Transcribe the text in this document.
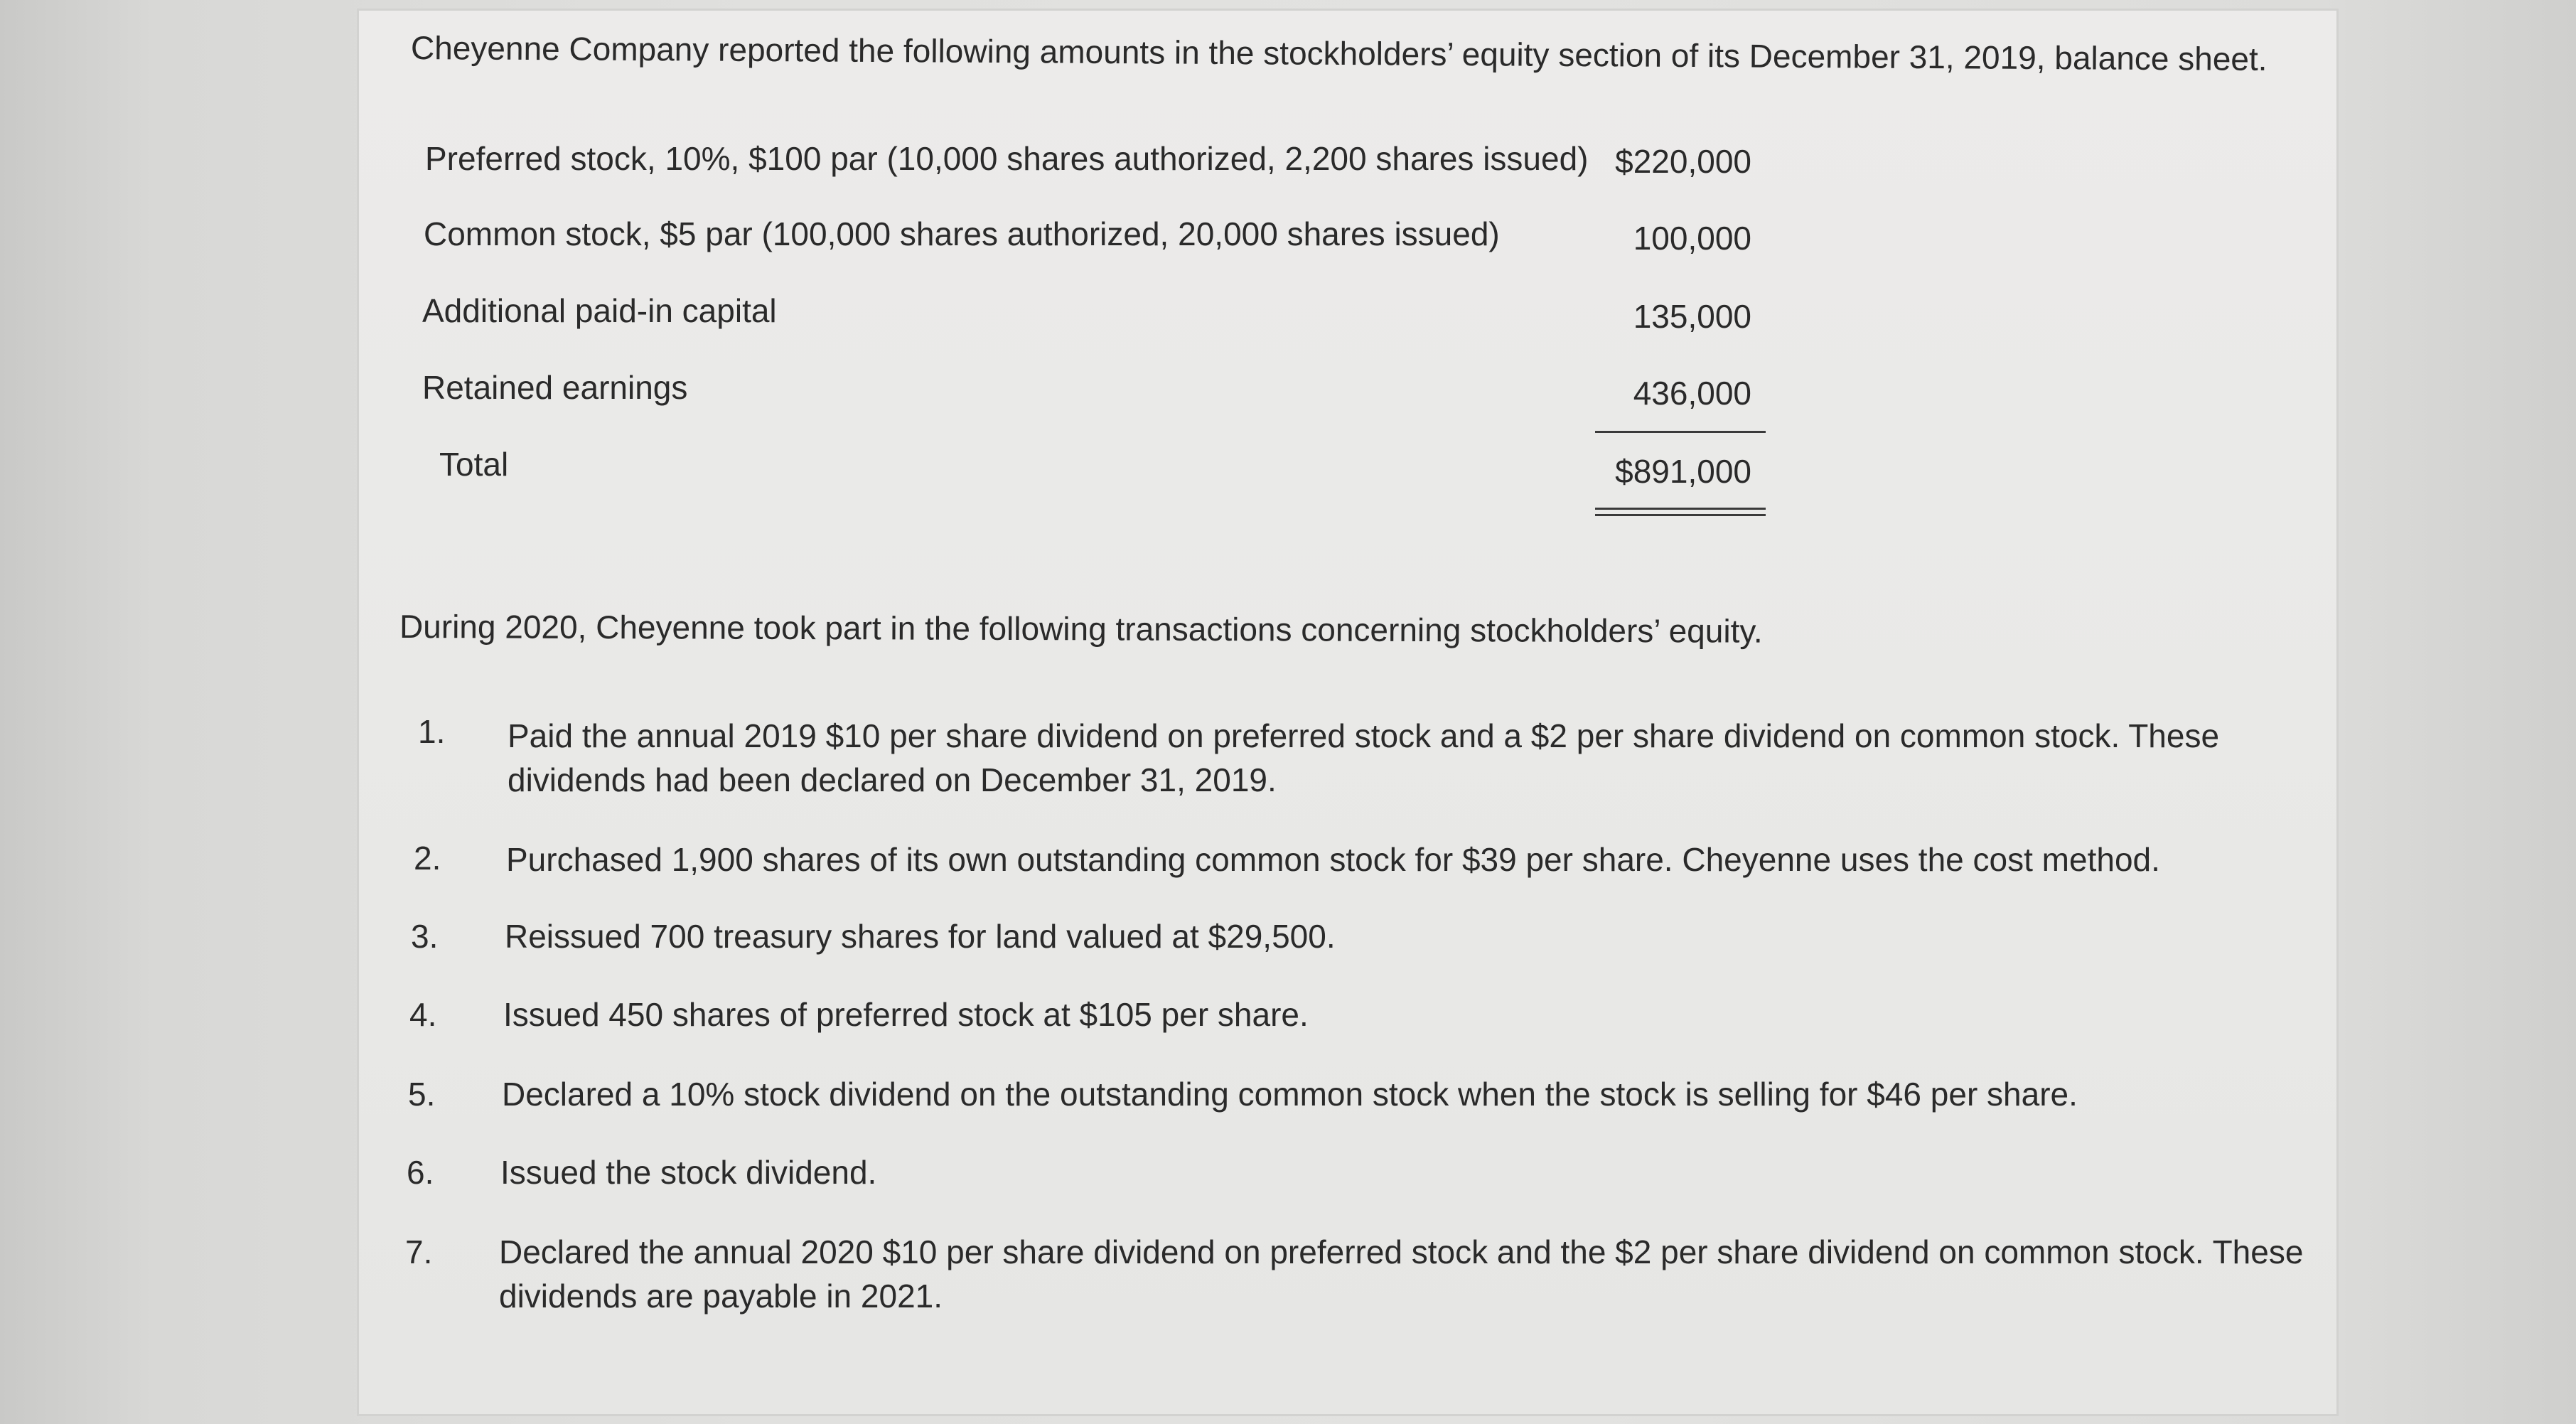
Cheyenne Company reported the following amounts in the stockholders’ equity section of its December 31, 2019, balance sheet.
Preferred stock, 10%, $100 par (10,000 shares authorized, 2,200 shares issued) $220,000
Common stock, $5 par (100,000 shares authorized, 20,000 shares issued)	100,000
Additional paid-in capital	135,000
Retained earnings	436,000
Total	$891,000
During 2020, Cheyenne took part in the following transactions concerning stockholders’ equity.
1. Paid the annual 2019 $10 per share dividend on preferred stock and a $2 per share dividend on common stock. These
dividends had been declared on December 31, 2019.
2. Purchased 1,900 shares of its own outstanding common stock for $39 per share. Cheyenne uses the cost method.
3. Reissued 700 treasury shares for land valued at $29,500.
4. Issued 450 shares of preferred stock at $105 per share.
5. Declared a 10% stock dividend on the outstanding common stock when the stock is selling for $46 per share.
6. Issued the stock dividend.
7. Declared the annual 2020 $10 per share dividend on preferred stock and the $2 per share dividend on common stock. These
dividends are payable in 2021.
